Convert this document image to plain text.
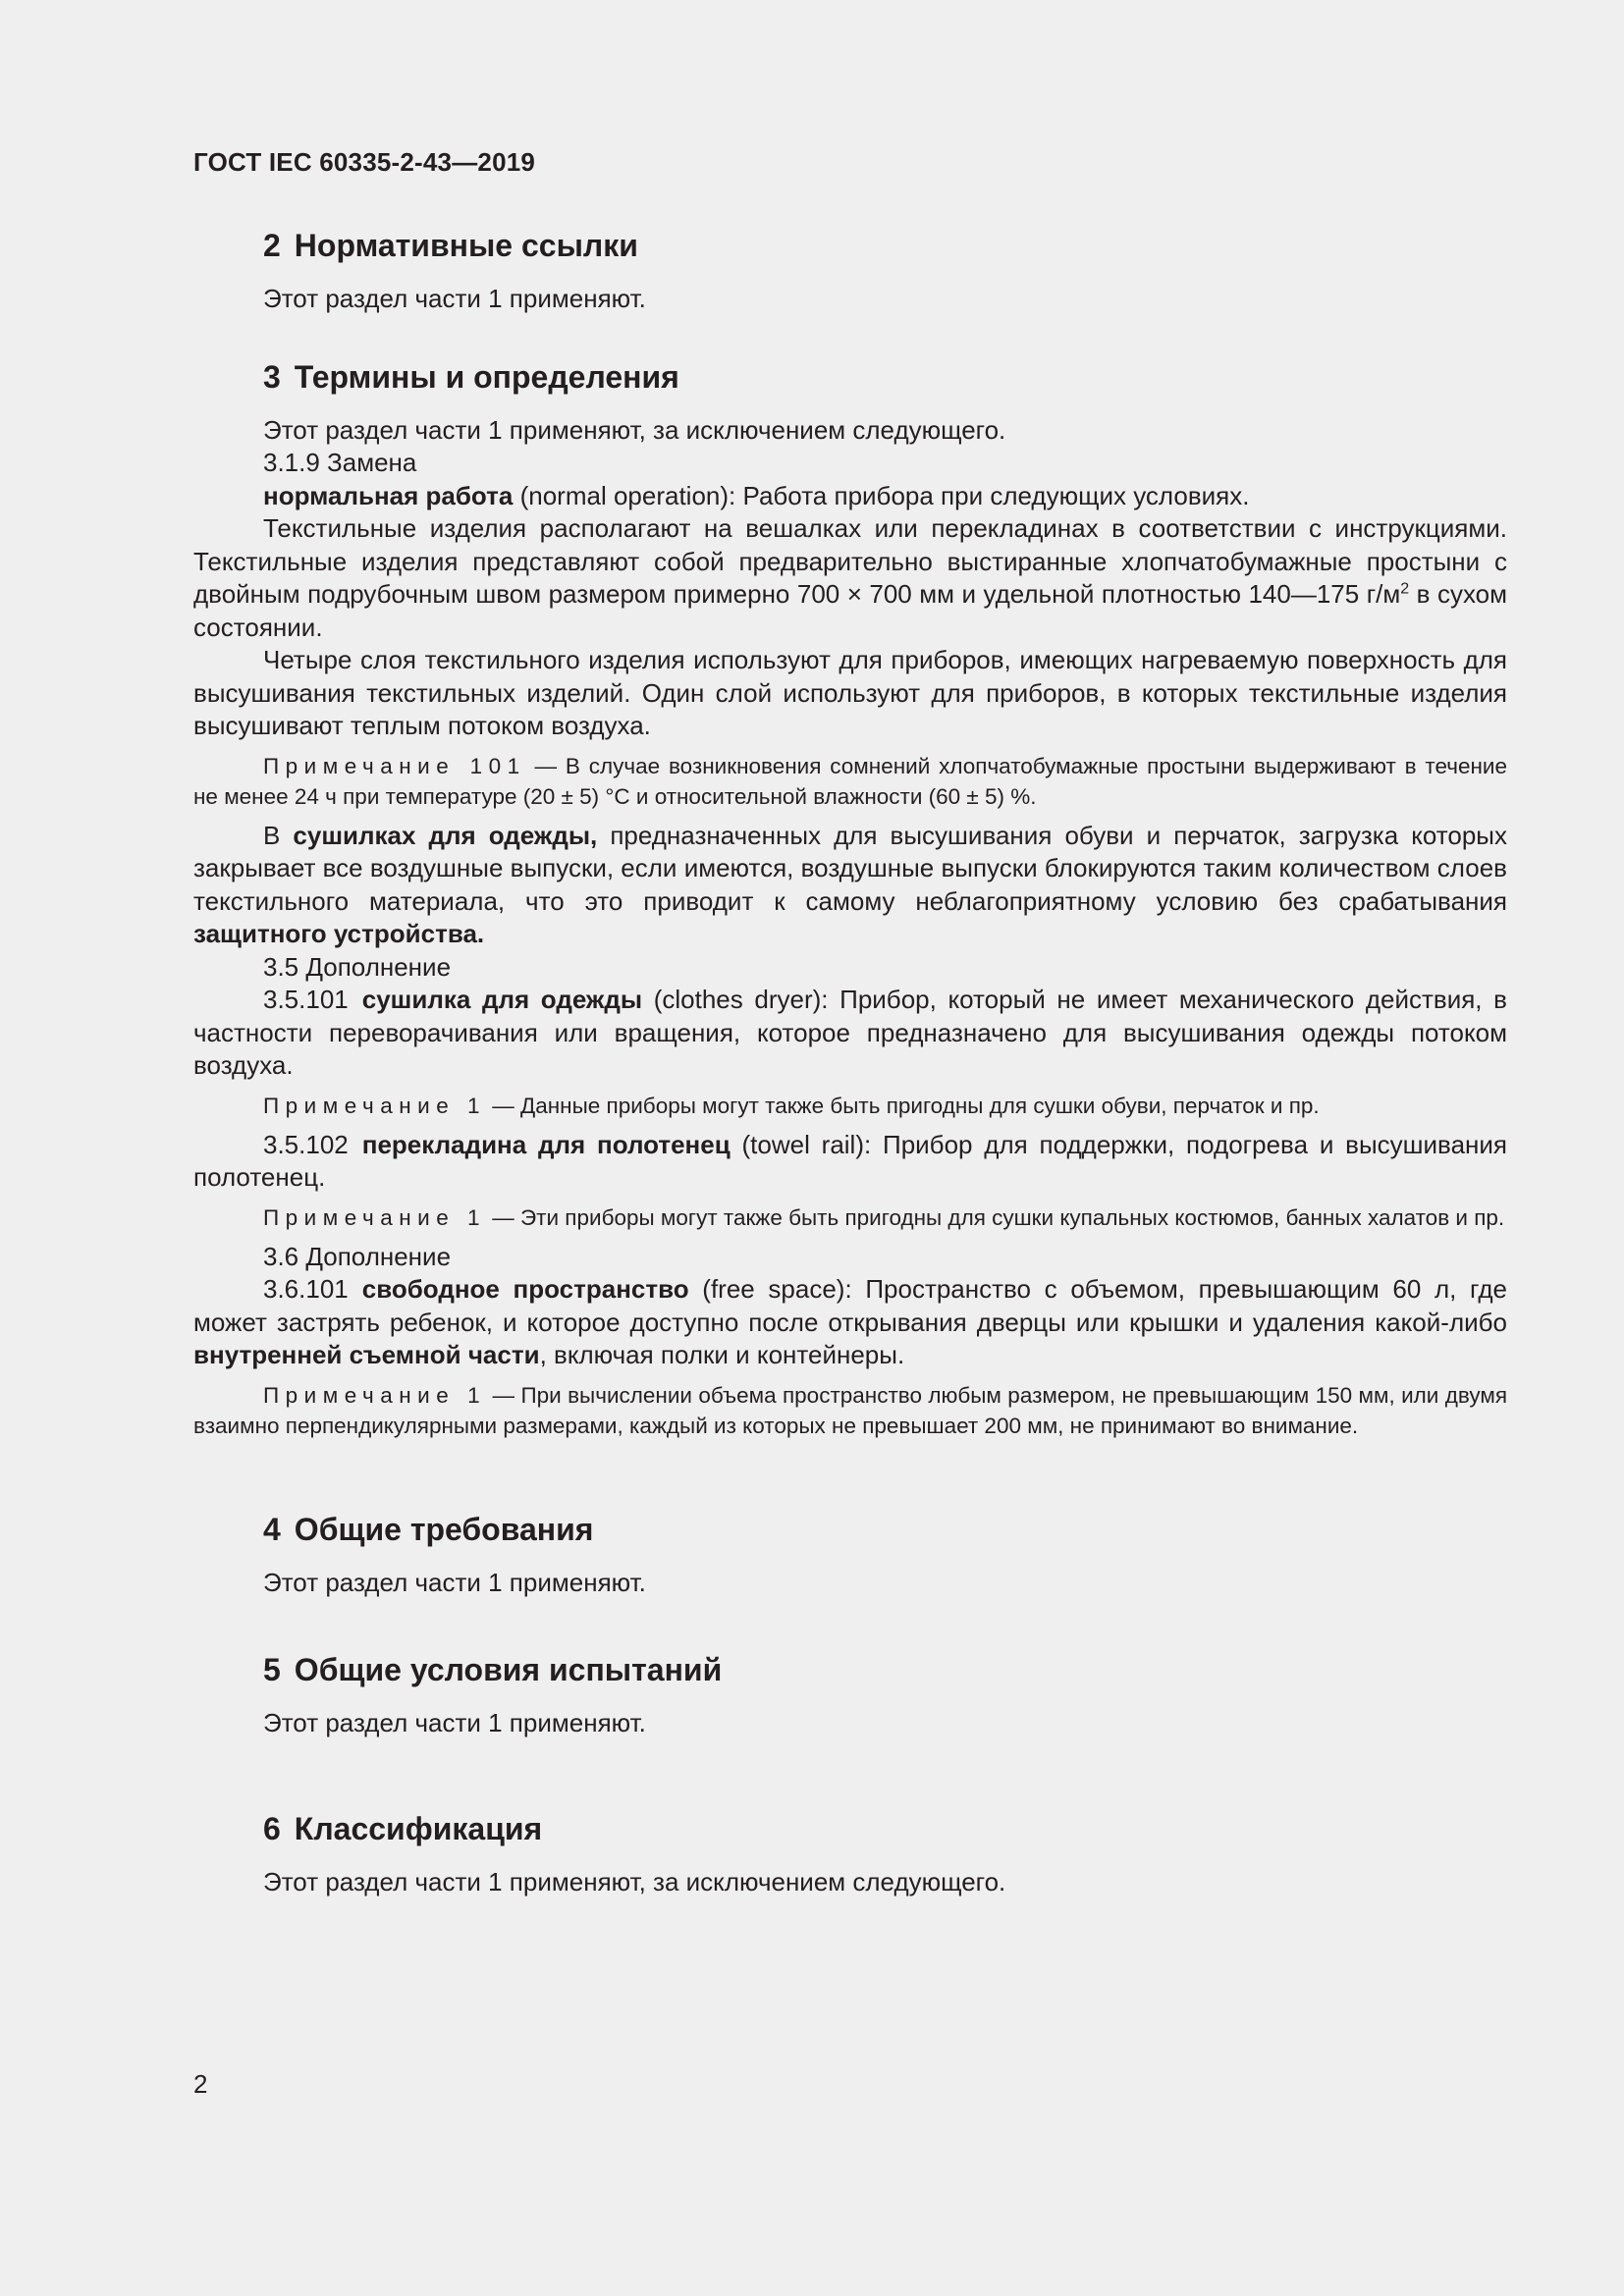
ГОСТ IEC 60335-2-43—2019
2 Нормативные ссылки

Этот раздел части 1 применяют.

3 Термины и определения

Этот раздел части 1 применяют, за исключением следующего.

3.1.9 Замена

нормальная работа (normal operation): Работа прибора при следующих условиях.

Текстильные изделия располагают на вешалках или перекладинах в соответствии с инструкциями. Текстильные изделия представляют собой предварительно выстиранные хлопчатобумажные простыни с двойным подрубочным швом размером примерно 700 × 700 мм и удельной плотностью 140—175 $г/м^2$ в сухом состоянии.

Четыре слоя текстильного изделия используют для приборов, имеющих нагреваемую поверхность для высушивания текстильных изделий. Один слой используют для приборов, в которых текстильные изделия высушивают теплым потоком воздуха.

Примечание 101 — В случае возникновения сомнений хлопчатобумажные простыни выдерживают в течение не менее 24 ч при температуре (20 ± 5) °С и относительной влажности (60 ± 5) %.

В сушилках для одежды, предназначенных для высушивания обуви и перчаток, загрузка которых закрывает все воздушные выпуски, если имеются, воздушные выпуски блокируются таким количеством слоев текстильного материала, что это приводит к самому неблагоприятному условию без срабатывания защитного устройства.

3.5 Дополнение

3.5.101 сушилка для одежды (clothes dryer): Прибор, который не имеет механического действия, в частности переворачивания или вращения, которое предназначено для высушивания одежды потоком воздуха.

Примечание 1 — Данные приборы могут также быть пригодны для сушки обуви, перчаток и пр.

3.5.102 перекладина для полотенец (towel rail): Прибор для поддержки, подогрева и высушивания полотенец.

Примечание 1 — Эти приборы могут также быть пригодны для сушки купальных костюмов, банных халатов и пр.

3.6 Дополнение

3.6.101 свободное пространство (free space): Пространство с объемом, превышающим 60 л, где может застрять ребенок, и которое доступно после открывания дверцы или крышки и удаления какой-либо внутренней съемной части, включая полки и контейнеры.

Примечание 1 — При вычислении объема пространство любым размером, не превышающим 150 мм, или двумя взаимно перпендикулярными размерами, каждый из которых не превышает 200 мм, не принимают во внимание.

4 Общие требования

Этот раздел части 1 применяют.

5 Общие условия испытаний

Этот раздел части 1 применяют.

6 Классификация

Этот раздел части 1 применяют, за исключением следующего.

2
